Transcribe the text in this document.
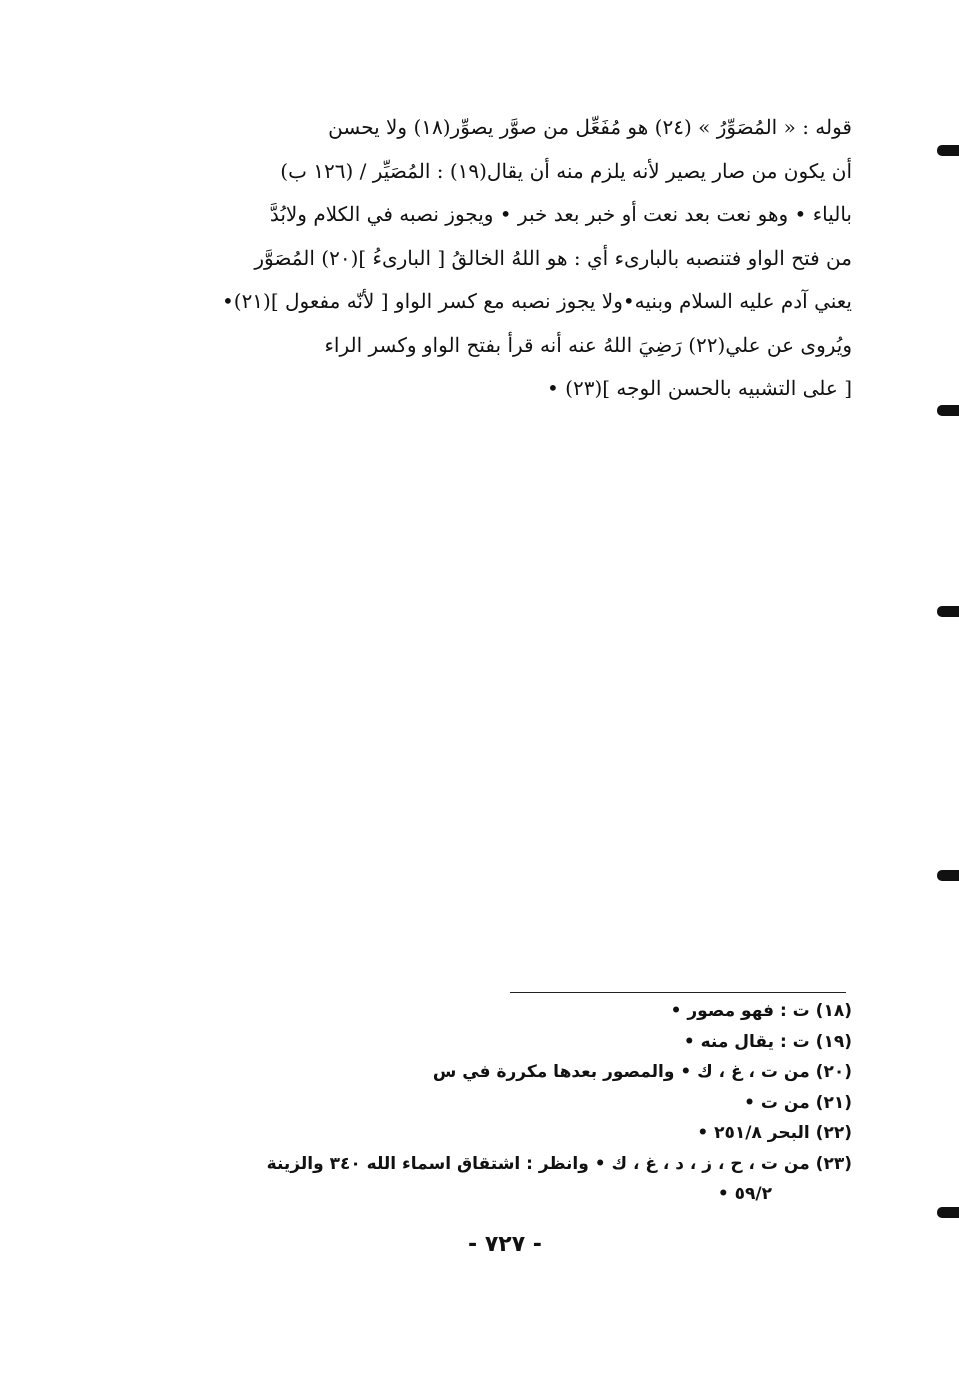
قوله : « المُصَوِّرُ » (٢٤) هو مُفَعِّل من صوَّر يصوِّر(١٨) ولا يحسن
أن يكون من صار يصير لأنه يلزم منه أن يقال(١٩) : المُصَيِّر / (١٢٦ ب)
بالياء • وهو نعت بعد نعت أو خبر بعد خبر • ويجوز نصبه في الكلام ولابُدَّ
من فتح الواو فتنصبه بالبارىء أي : هو اللهُ الخالقُ [ البارىءُ ](٢٠) المُصَوَّر
يعني آدم عليه السلام وبنيه•ولا يجوز نصبه مع كسر الواو [ لأنّه مفعول ](٢١)•
ويُروى عن علي(٢٢) رَضِيَ اللهُ عنه أنه قرأ بفتح الواو وكسر الراء
[ على التشبيه بالحسن الوجه ](٢٣) •
(١٨) ت : فهو مصور •
(١٩) ت : يقال منه •
(٢٠) من ت ، غ ، ك • والمصور بعدها مكررة في س
(٢١) من ت •
(٢٢) البحر ٢٥١/٨ •
(٢٣) من ت ، ح ، ز ، د ، غ ، ك • وانظر : اشتقاق اسماء الله ٣٤٠ والزينة
٥٩/٢ •
- ٧٢٧ -
